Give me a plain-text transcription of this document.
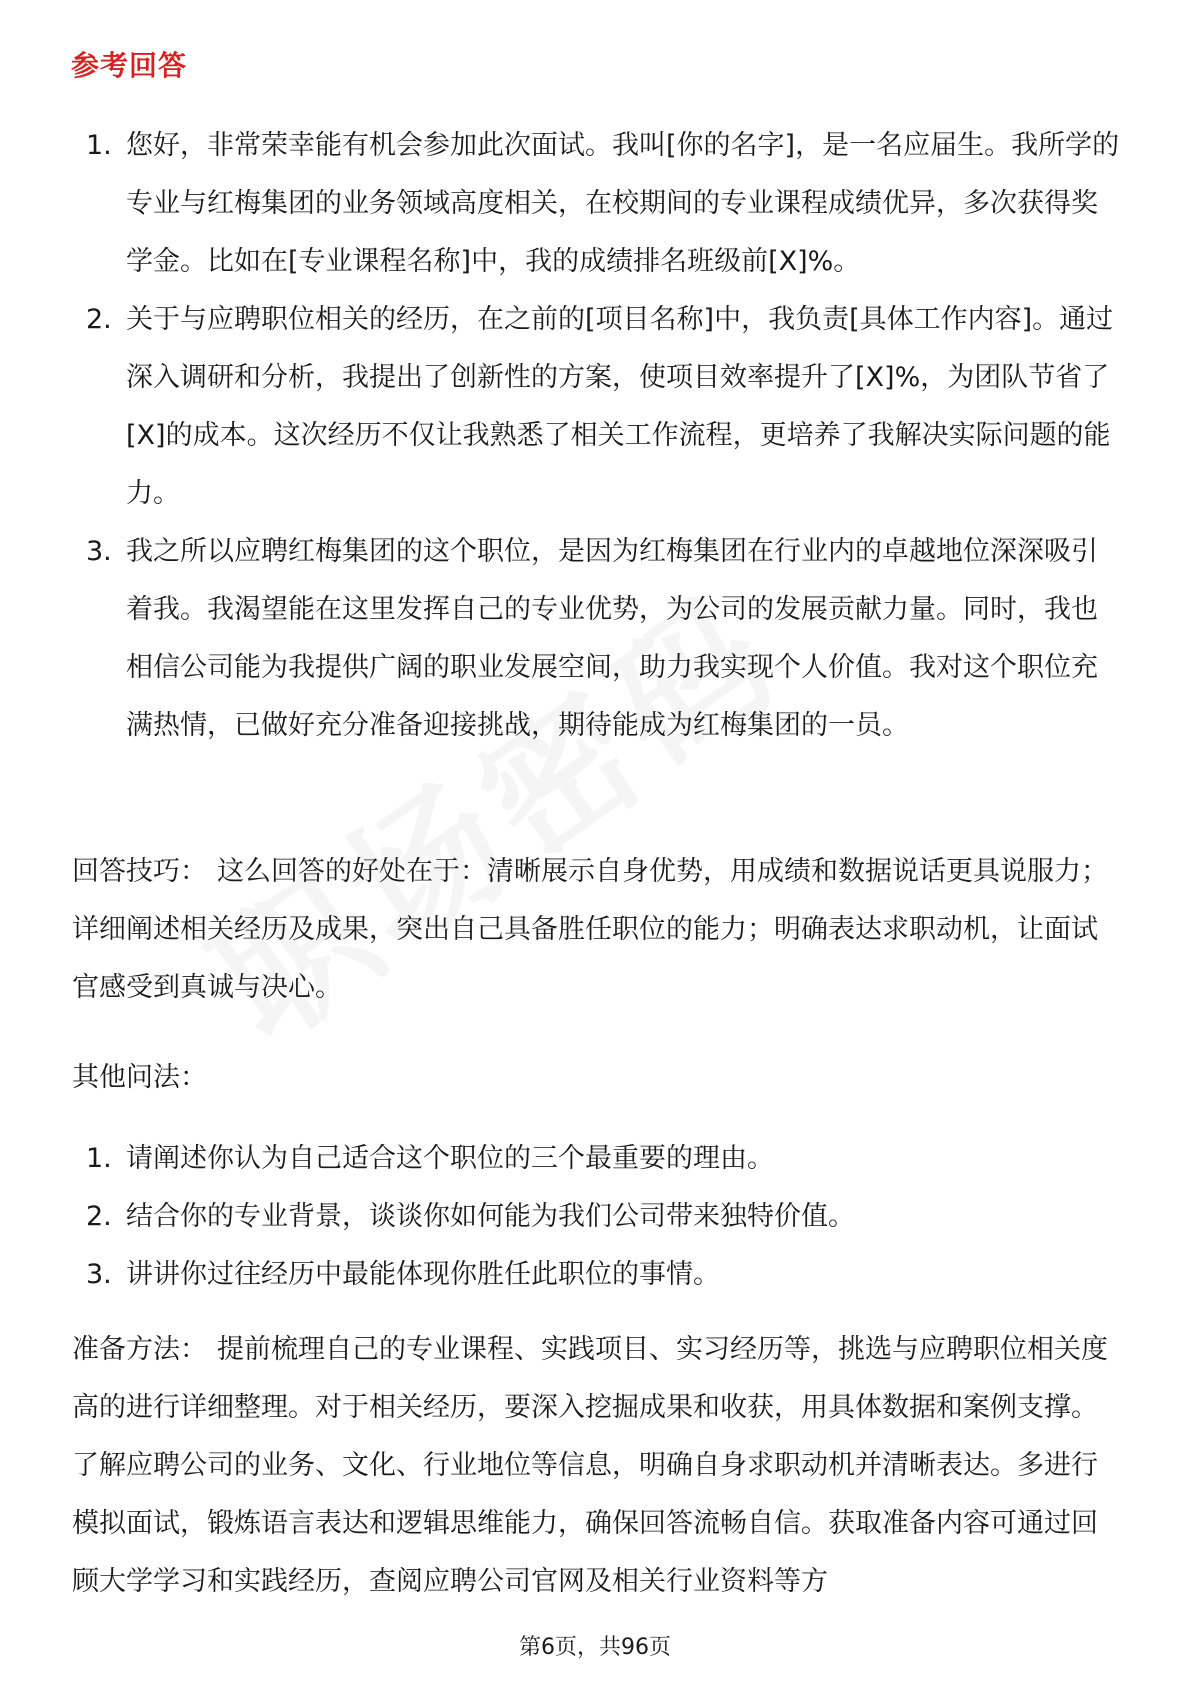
参考回答
1. 您好，非常荣幸能有机会参加此次面试。我叫[你的名字]，是一名应届生。我所学的专业与红梅集团的业务领域高度相关，在校期间的专业课程成绩优异，多次获得奖学金。比如在[专业课程名称]中，我的成绩排名班级前[X]%。
2. 关于与应聘职位相关的经历，在之前的[项目名称]中，我负责[具体工作内容]。通过深入调研和分析，我提出了创新性的方案，使项目效率提升了[X]%，为团队节省了[X]的成本。这次经历不仅让我熟悉了相关工作流程，更培养了我解决实际问题的能力。
3. 我之所以应聘红梅集团的这个职位，是因为红梅集团在行业内的卓越地位深深吸引着我。我渴望能在这里发挥自己的专业优势，为公司的发展贡献力量。同时，我也相信公司能为我提供广阔的职业发展空间，助力我实现个人价值。我对这个职位充满热情，已做好充分准备迎接挑战，期待能成为红梅集团的一员。

回答技巧： 这么回答的好处在于：清晰展示自身优势，用成绩和数据说话更具说服力；详细阐述相关经历及成果，突出自己具备胜任职位的能力；明确表达求职动机，让面试官感受到真诚与决心。

其他问法：

1. 请阐述你认为自己适合这个职位的三个最重要的理由。
2. 结合你的专业背景，谈谈你如何能为我们公司带来独特价值。
3. 讲讲你过往经历中最能体现你胜任此职位的事情。

准备方法： 提前梳理自己的专业课程、实践项目、实习经历等，挑选与应聘职位相关度高的进行详细整理。对于相关经历，要深入挖掘成果和收获，用具体数据和案例支撑。了解应聘公司的业务、文化、行业地位等信息，明确自身求职动机并清晰表达。多进行模拟面试，锻炼语言表达和逻辑思维能力，确保回答流畅自信。获取准备内容可通过回顾大学学习和实践经历，查阅应聘公司官网及相关行业资料等方

第6页，共96页
